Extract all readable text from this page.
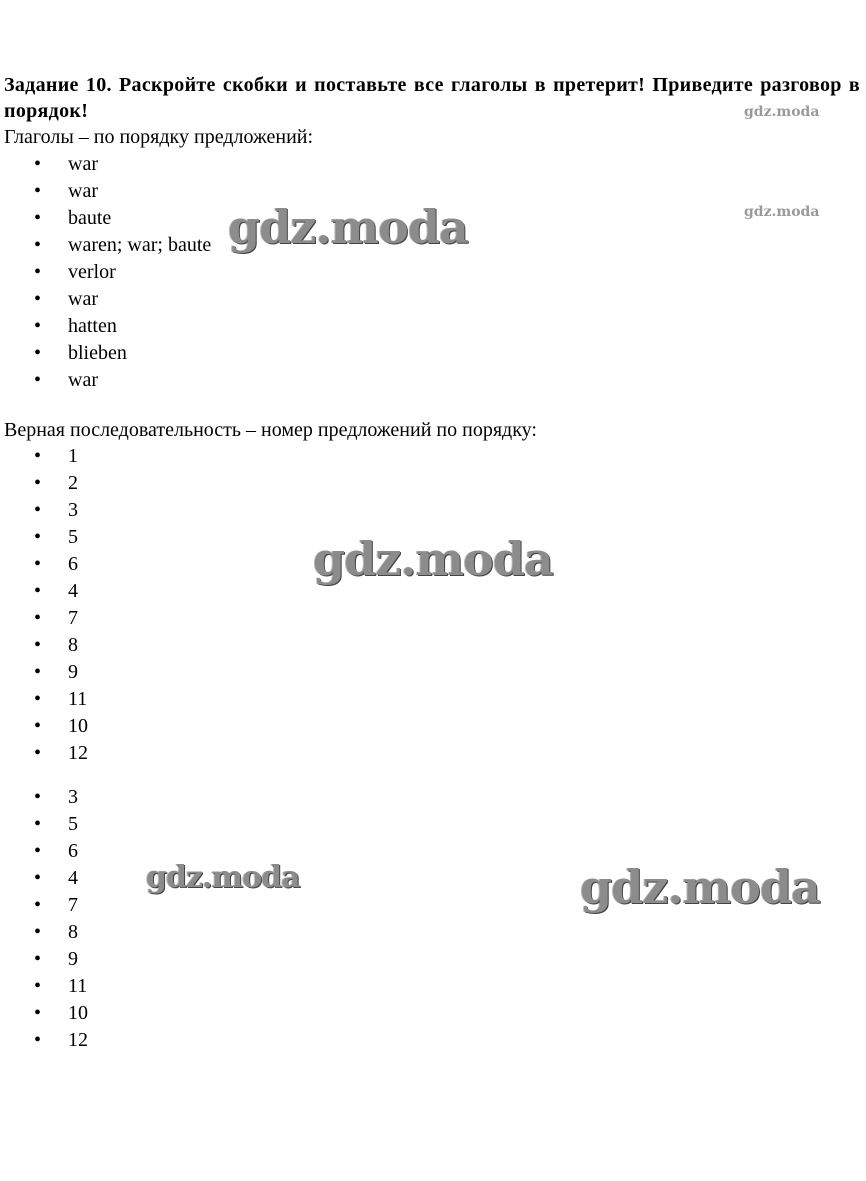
Задание 10. Раскройте скобки и поставьте все глаголы в претерит! Приведите разговор в порядок!

Глаголы – по порядку предложений:

• war
• war
• baute
• waren; war; baute
• verlor
• war
• hatten
• blieben
• war

Верная последовательность – номер предложений по порядку:

• 1
• 2
• 3
• 5
• 6
• 4
• 7
• 8
• 9
• 11
• 10
• 12
• 3
• 5
• 6
• 4
• 7
• 8
• 9
• 11
• 10
• 12
gdz.moda
gdz.moda
gdz.moda
gdz.moda
gdz.moda	gdz.moda
